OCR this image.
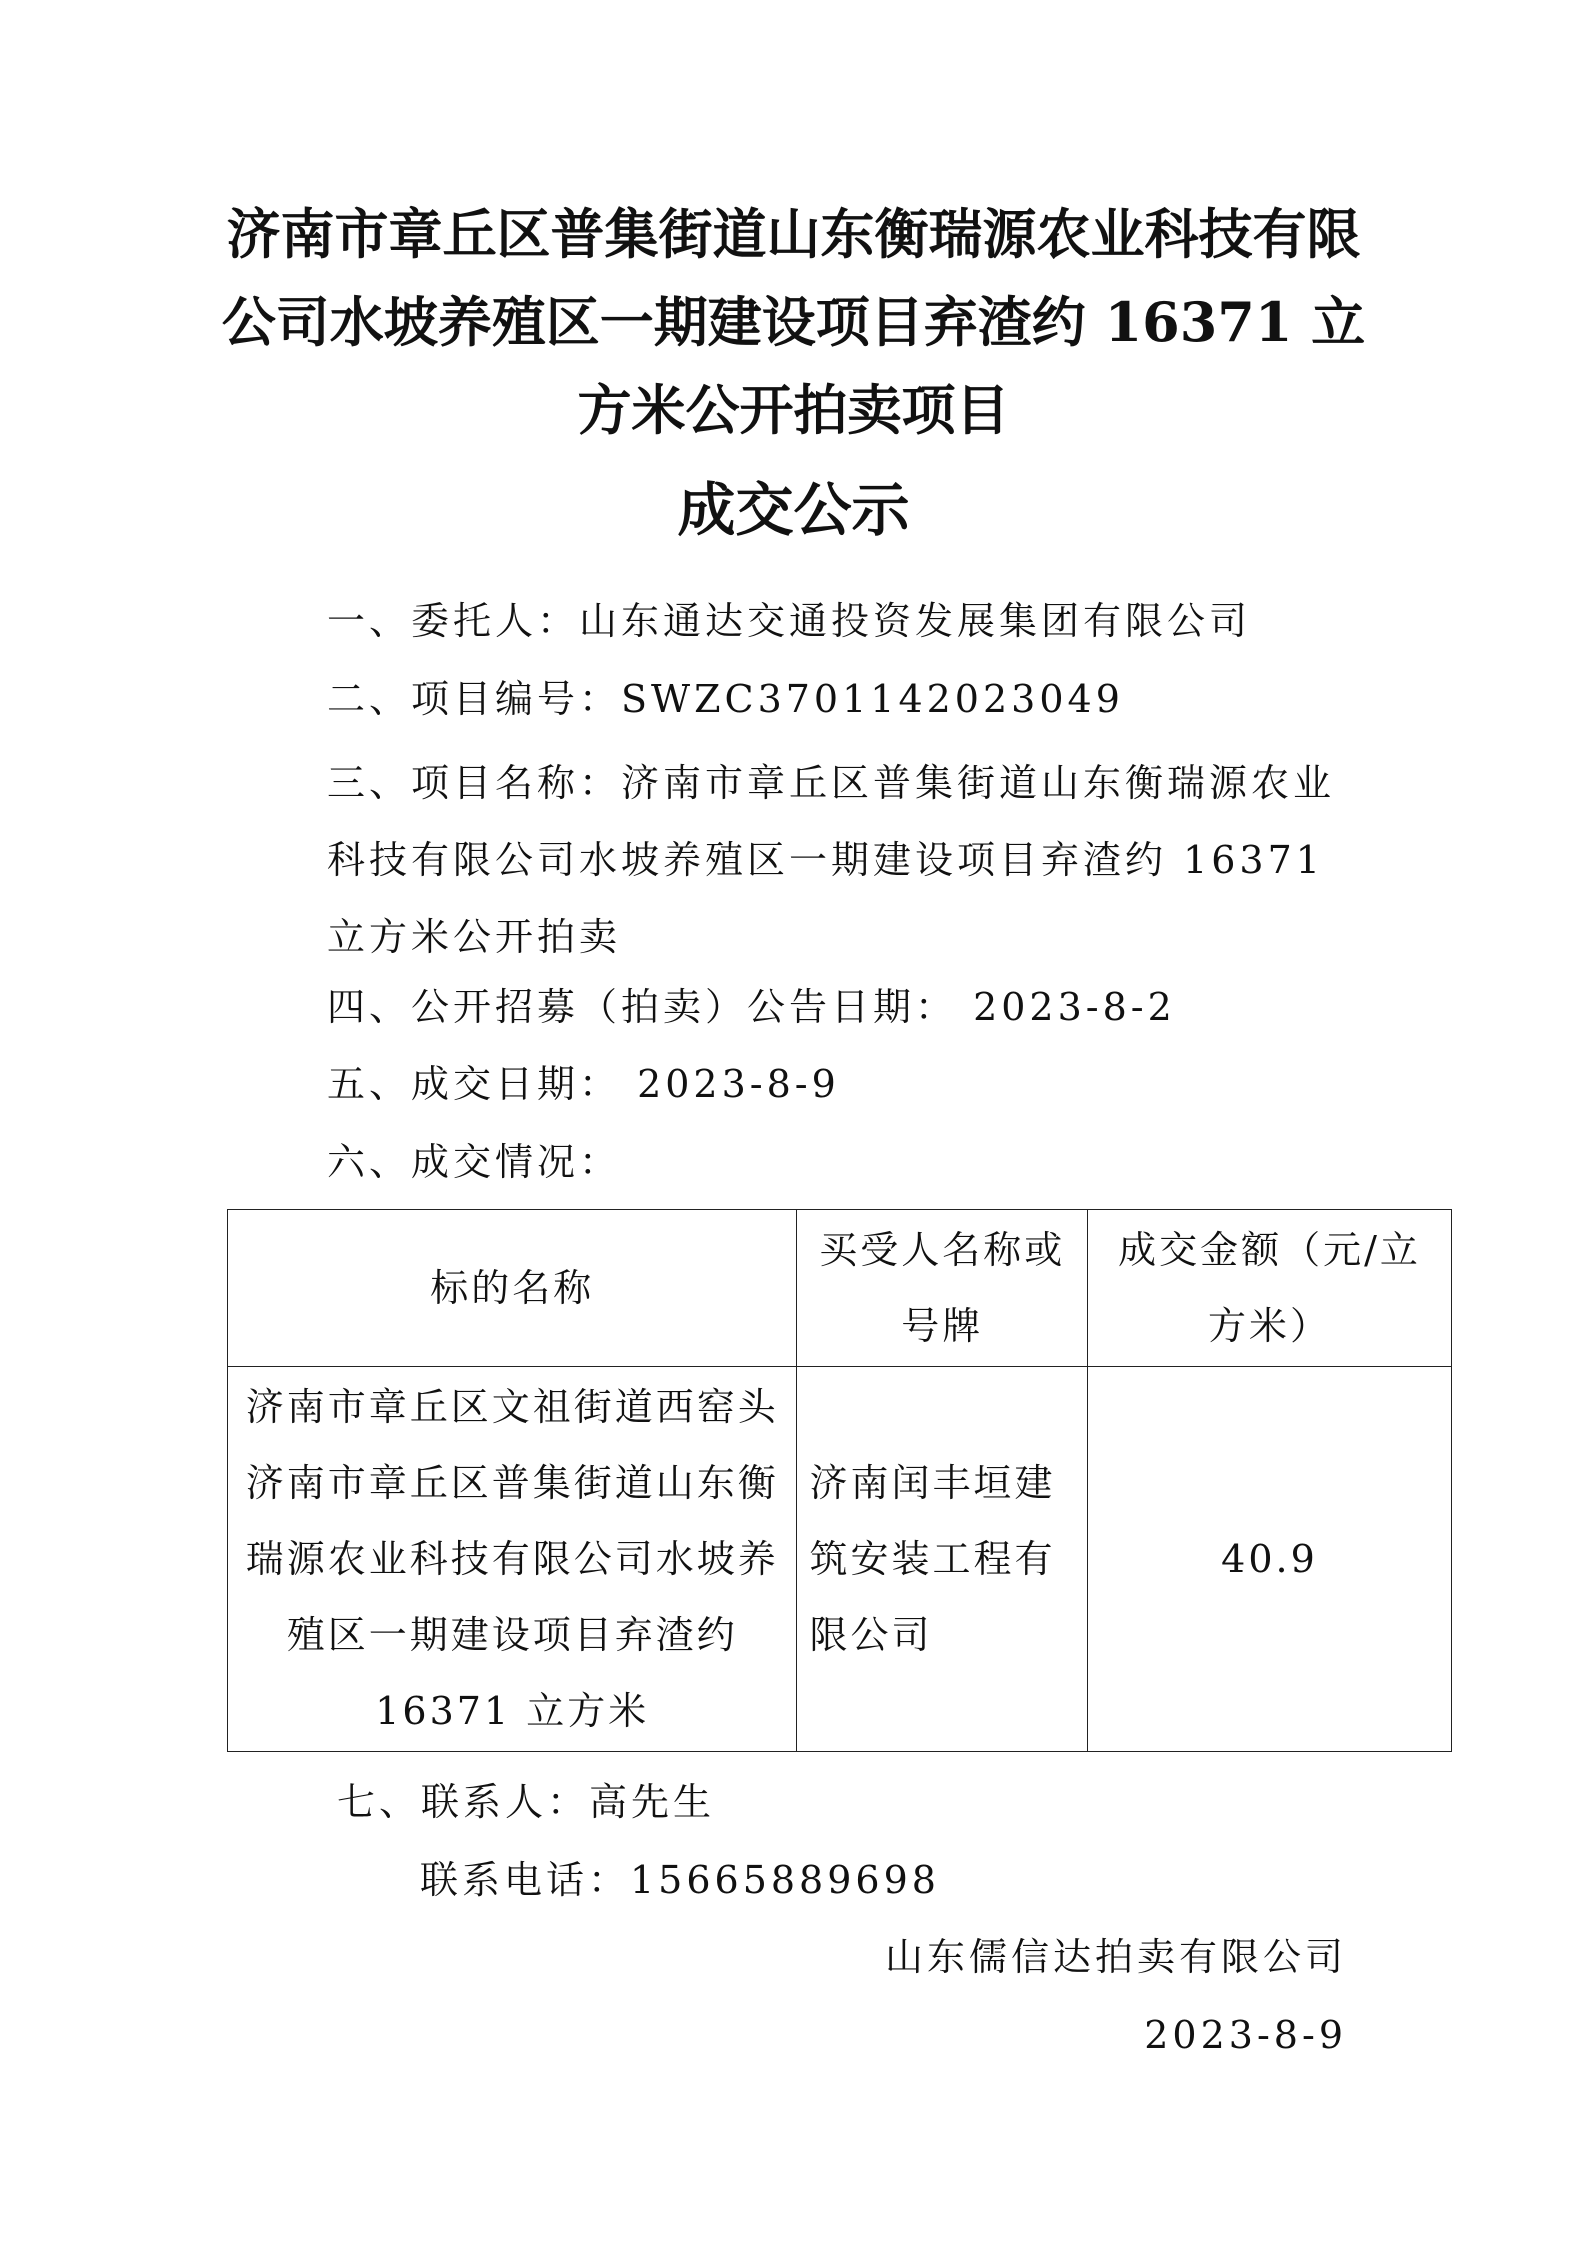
济南市章丘区普集街道山东衡瑞源农业科技有限公司水坡养殖区一期建设项目弃渣约 16371 立方米公开拍卖项目
成交公示
一、委托人：山东通达交通投资发展集团有限公司
二、项目编号：SWZC3701142023049
三、项目名称：济南市章丘区普集街道山东衡瑞源农业科技有限公司水坡养殖区一期建设项目弃渣约 16371 立方米公开拍卖
四、公开招募（拍卖）公告日期： 2023-8-2
五、成交日期： 2023-8-9
六、成交情况：
标的名称	买受人名称或号牌	成交金额（元/立方米）
济南市章丘区文祖街道西窑头济南市章丘区普集街道山东衡瑞源农业科技有限公司水坡养殖区一期建设项目弃渣约 16371 立方米	济南闰丰垣建筑安装工程有限公司	40.9
七、联系人：高先生
联系电话：15665889698
山东儒信达拍卖有限公司
2023-8-9
